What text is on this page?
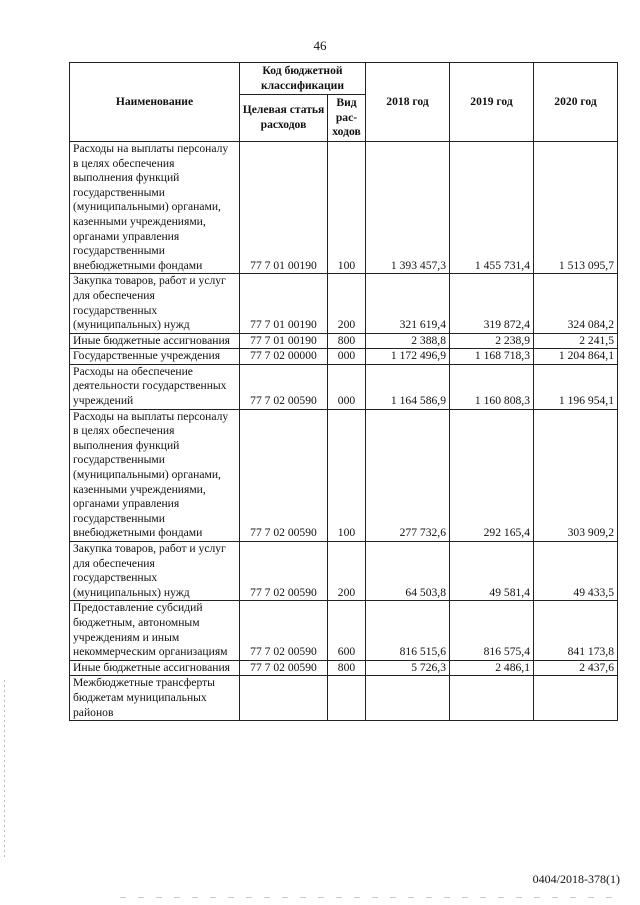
46
Наименование	Код бюджетной классификации		2018 год	2019 год	2020 год
	Целевая статья расходов	Вид рас-ходов			
Расходы на выплаты персоналу в целях обеспечения выполнения функций государственными (муниципальными) органами, казенными учреждениями, органами управления государственными внебюджетными фондами	77 7 01 00190	100	1 393 457,3	1 455 731,4	1 513 095,7
Закупка товаров, работ и услуг для обеспечения государственных (муниципальных) нужд	77 7 01 00190	200	321 619,4	319 872,4	324 084,2
Иные бюджетные ассигнования	77 7 01 00190	800	2 388,8	2 238,9	2 241,5
Государственные учреждения	77 7 02 00000	000	1 172 496,9	1 168 718,3	1 204 864,1
Расходы на обеспечение деятельности государственных учреждений	77 7 02 00590	000	1 164 586,9	1 160 808,3	1 196 954,1
Расходы на выплаты персоналу в целях обеспечения выполнения функций государственными (муниципальными) органами, казенными учреждениями, органами управления государственными внебюджетными фондами	77 7 02 00590	100	277 732,6	292 165,4	303 909,2
Закупка товаров, работ и услуг для обеспечения государственных (муниципальных) нужд	77 7 02 00590	200	64 503,8	49 581,4	49 433,5
Предоставление субсидий бюджетным, автономным учреждениям и иным некоммерческим организациям	77 7 02 00590	600	816 515,6	816 575,4	841 173,8
Иные бюджетные ассигнования	77 7 02 00590	800	5 726,3	2 486,1	2 437,6
Межбюджетные трансферты бюджетам муниципальных районов					
0404/2018-378(1)
